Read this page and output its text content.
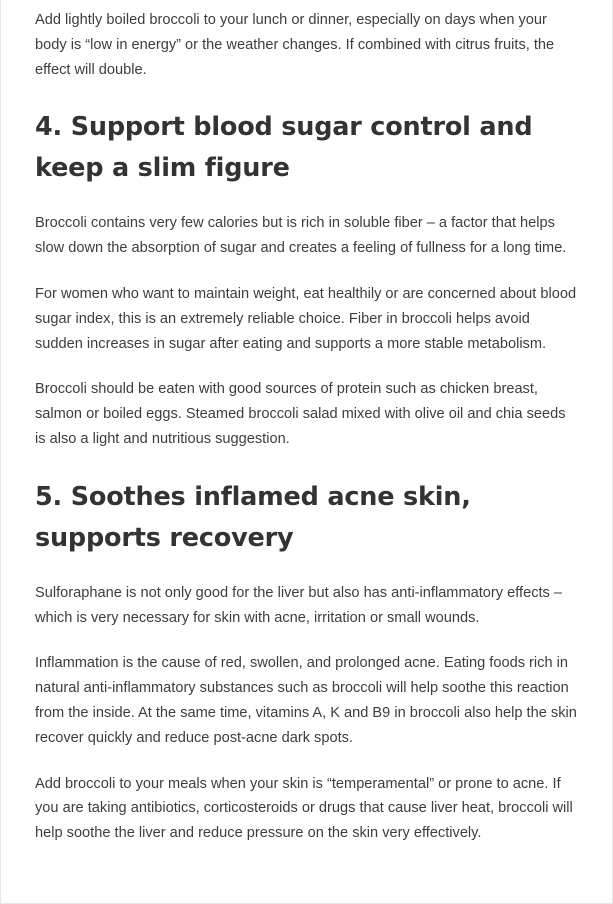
Add lightly boiled broccoli to your lunch or dinner, especially on days when your body is “low in energy” or the weather changes. If combined with citrus fruits, the effect will double.

4. Support blood sugar control and keep a slim figure

Broccoli contains very few calories but is rich in soluble fiber – a factor that helps slow down the absorption of sugar and creates a feeling of fullness for a long time.

For women who want to maintain weight, eat healthily or are concerned about blood sugar index, this is an extremely reliable choice. Fiber in broccoli helps avoid sudden increases in sugar after eating and supports a more stable metabolism.

Broccoli should be eaten with good sources of protein such as chicken breast, salmon or boiled eggs. Steamed broccoli salad mixed with olive oil and chia seeds is also a light and nutritious suggestion.

5. Soothes inflamed acne skin, supports recovery

Sulforaphane is not only good for the liver but also has anti-inflammatory effects – which is very necessary for skin with acne, irritation or small wounds.

Inflammation is the cause of red, swollen, and prolonged acne. Eating foods rich in natural anti-inflammatory substances such as broccoli will help soothe this reaction from the inside. At the same time, vitamins A, K and B9 in broccoli also help the skin recover quickly and reduce post-acne dark spots.

Add broccoli to your meals when your skin is “temperamental” or prone to acne. If you are taking antibiotics, corticosteroids or drugs that cause liver heat, broccoli will help soothe the liver and reduce pressure on the skin very effectively.
